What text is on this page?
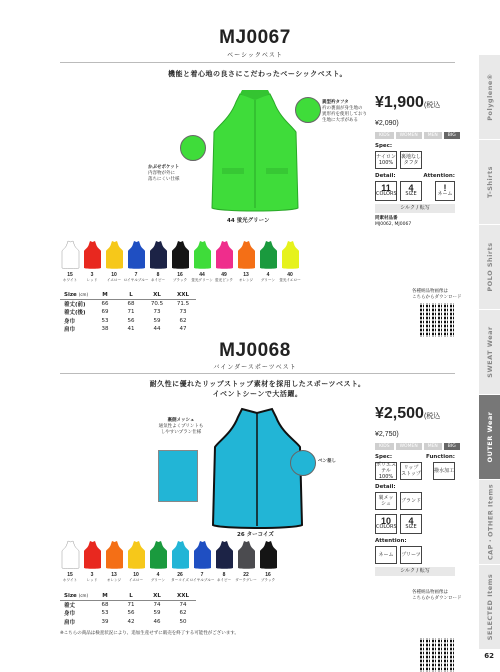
Polyglene®
T-Shirts
POLO Shirts
SWEAT Wear
OUTER Wear
CAP・OTHER Items
SELECTED Items
62
MJ0067
ベーシックベスト
機能と着心地の良さにこだわったベーシックベスト。
44 蛍光グリーン
異型衿タフタ
衿の裏面が身生地の
異形衿を使用しており
生地に大ボがある
かぶせポケット
内容物が外に
落ちにくい仕様
¥1,900(税込 ¥2,090)
KIDS	WOMEN	MEN	BIG
Spec:
ナイロン
100%
裏地なし
タフタ
Detail:	Attention:
11
COLORS
4
SIZE
!
ネーム
シルク / 転写
同素材品番
MJ0062, MJ0067
15
ホワイト
3
レッド
10
イエロー
7
ロイヤルブルー
8
ネイビー
16
ブラック
44
蛍光グリーン
49
蛍光ピンク
13
オレンジ
4
グリーン
40
蛍光イエロー
Size (cm)	M	L	XL	XXL
着丈(前)	66	68	70.5	71.5
着丈(後)	69	71	73	73
身巾	53	56	59	62
肩巾	38	41	44	47
各種納品物画像は
こちらからダウンロード
MJ0068
バインダースポーツベスト
耐久性に優れたリップストップ素材を採用したスポーツベスト。
イベントシーンで大活躍。
26 ターコイズ
裏側メッシュ
通気性よくプリントも
しやすいプラン仕様
ベン差し
¥2,500(税込 ¥2,750)
KIDS	WOMEN	MEN	BIG
Spec:	Function:
ポリエステル
100%
リップ
ストップ	撥水加工
Detail:
裏メッシュ	ブランド
10
COLORS
4
SIZE
Attention:
ネーム	プリーツ
シルク / 転写
15
ホワイト
3
レッド
13
オレンジ
10
イエロー
4
グリーン
26
ターコイズ
7
ロイヤルブルー
8
ネイビー
22
ダークグレー
16
ブラック
Size (cm)	M	L	XL	XXL
着丈	68	71	74	74
身巾	53	56	59	62
肩巾	39	42	46	50
※こちらの商品は検査状況により、追加生産せずに販売を終了する可能性がございます。
各種納品物画像は
こちらからダウンロード
